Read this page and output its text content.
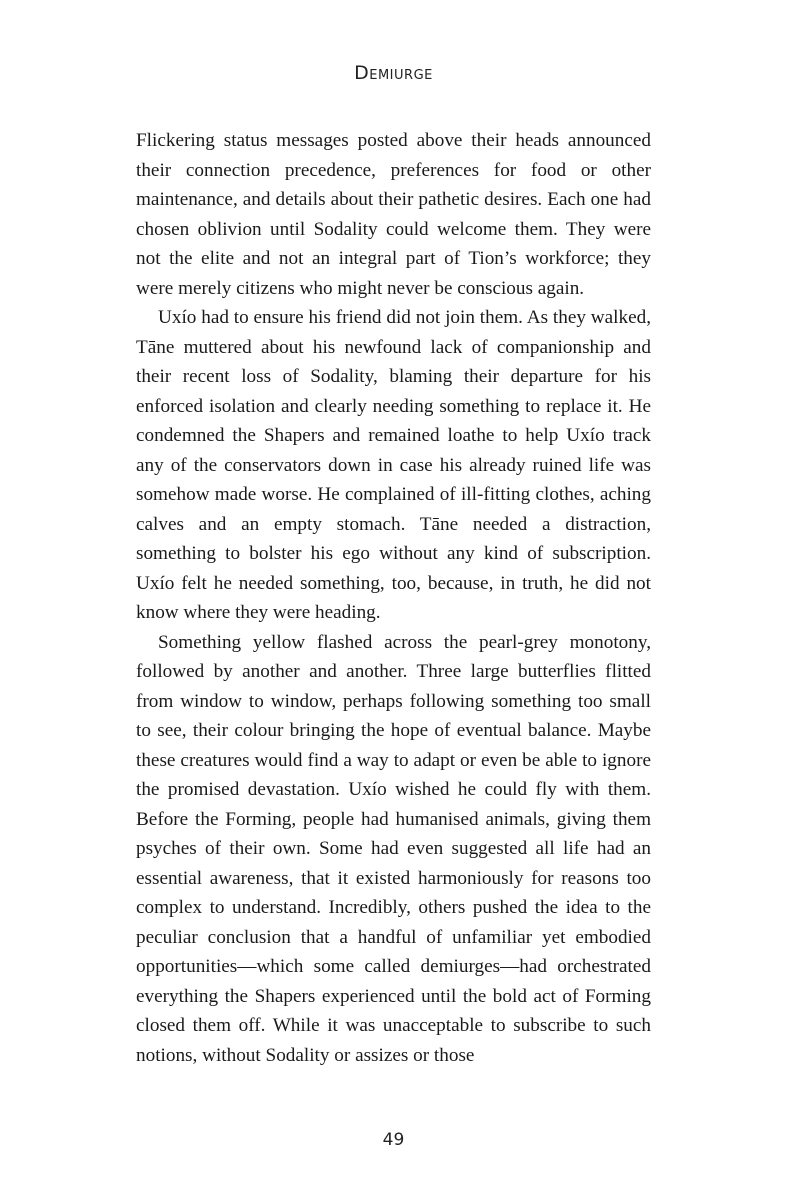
Demiurge

Flickering status messages posted above their heads announced their connection precedence, preferences for food or other maintenance, and details about their pathetic desires. Each one had chosen oblivion until Sodality could welcome them. They were not the elite and not an integral part of Tion’s workforce; they were merely citizens who might never be conscious again.

Uxío had to ensure his friend did not join them. As they walked, Tāne muttered about his newfound lack of companionship and their recent loss of Sodality, blaming their departure for his enforced isolation and clearly needing something to replace it. He condemned the Shapers and remained loathe to help Uxío track any of the conservators down in case his already ruined life was somehow made worse. He complained of ill-fitting clothes, aching calves and an empty stomach. Tāne needed a distraction, something to bolster his ego without any kind of subscription. Uxío felt he needed something, too, because, in truth, he did not know where they were heading.

Something yellow flashed across the pearl-grey monotony, followed by another and another. Three large butterflies flitted from window to window, perhaps following something too small to see, their colour bringing the hope of eventual balance. Maybe these creatures would find a way to adapt or even be able to ignore the promised devastation. Uxío wished he could fly with them. Before the Forming, people had humanised animals, giving them psyches of their own. Some had even suggested all life had an essential awareness, that it existed harmoniously for reasons too complex to understand. Incredibly, others pushed the idea to the peculiar conclusion that a handful of unfamiliar yet embodied opportunities—which some called demiurges—had orchestrated everything the Shapers experienced until the bold act of Forming closed them off. While it was unacceptable to subscribe to such notions, without Sodality or assizes or those

49
